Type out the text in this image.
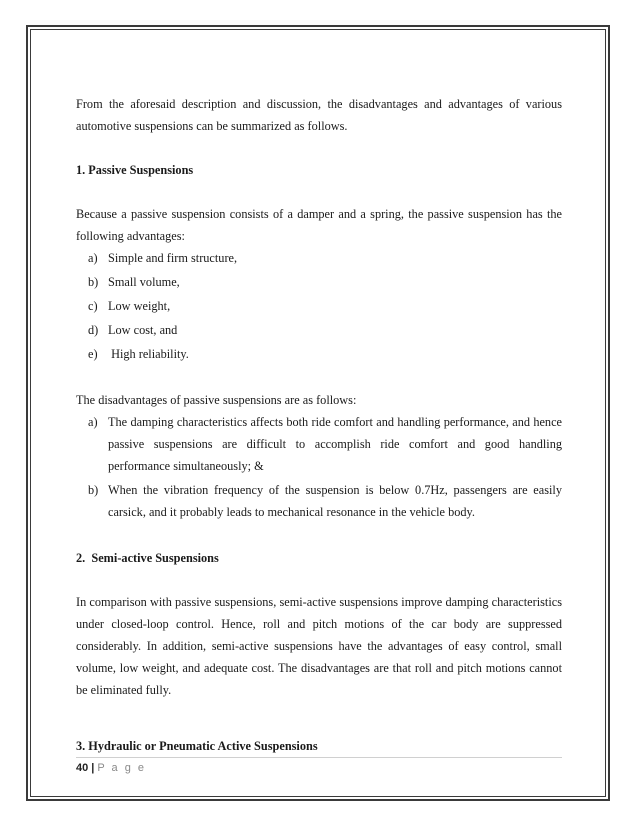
From the aforesaid description and discussion, the disadvantages and advantages of various automotive suspensions can be summarized as follows.

1. Passive Suspensions

Because a passive suspension consists of a damper and a spring, the passive suspension has the following advantages:

a) Simple and firm structure,
b) Small volume,
c) Low weight,
d) Low cost, and
e) High reliability.

The disadvantages of passive suspensions are as follows:

a) The damping characteristics affects both ride comfort and handling performance, and hence passive suspensions are difficult to accomplish ride comfort and good handling performance simultaneously; &
b) When the vibration frequency of the suspension is below 0.7Hz, passengers are easily carsick, and it probably leads to mechanical resonance in the vehicle body.

2.  Semi-active Suspensions

In comparison with passive suspensions, semi-active suspensions improve damping characteristics under closed-loop control. Hence, roll and pitch motions of the car body are suppressed considerably. In addition, semi-active suspensions have the advantages of easy control, small volume, low weight, and adequate cost. The disadvantages are that roll and pitch motions cannot be eliminated fully.

3. Hydraulic or Pneumatic Active Suspensions

40 | P a g e
